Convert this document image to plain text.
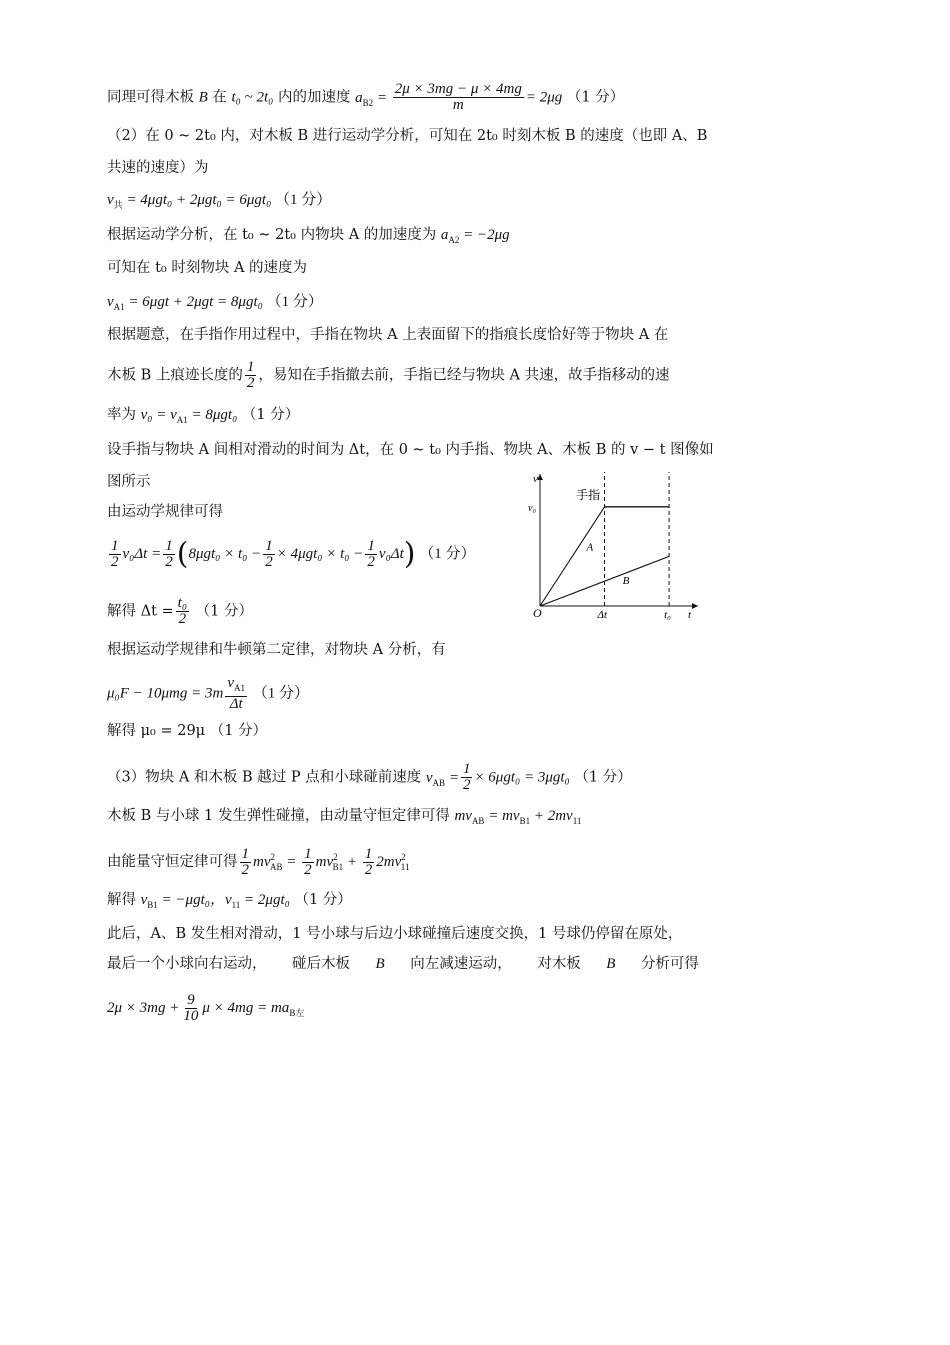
同理可得木板 B 在 t₀ ~ 2t₀ 内的加速度 $a_{B2} = \frac{2\mu \times 3mg - \mu \times 4mg}{m} = 2\mu g$ （1 分）
（2）在 0 ~ 2t₀ 内，对木板 B 进行运动学分析，可知在 2t₀ 时刻木板 B 的速度（也即 A、B
共速的速度）为
$v_共 = 4\mu gt_0 + 2\mu gt_0 = 6\mu gt_0$ （1 分）
根据运动学分析，在 t₀ ~ 2t₀ 内物块 A 的加速度为 $a_{A2} = -2\mu g$
可知在 t₀ 时刻物块 A 的速度为
$v_{A1} = 6\mu gt + 2\mu gt = 8\mu gt_0$ （1 分）
根据题意，在手指作用过程中，手指在物块 A 上表面留下的指痕长度恰好等于物块 A 在
木板 B 上痕迹长度的 $\frac{1}{2}$ ，易知在手指撤去前，手指已经与物块 A 共速，故手指移动的速
率为 $v_0 = v_{A1} = 8\mu gt_0$ （1 分）
设手指与物块 A 间相对滑动的时间为 Δt，在 0 ~ t₀ 内手指、物块 A、木板 B 的 v − t 图像如
图所示
由运动学规律可得
$\frac{1}{2} v_0\Delta t = \frac{1}{2} (8\mu gt_0 \times t_0 - \frac{1}{2} \times 4\mu gt_0 \times t_0 - \frac{1}{2} v_0\Delta t)$ （1 分）
解得 $\Delta t = \frac{\text{t₀}}{2} (1$ 分）
根据运动学规律和牛顿第二定律，对物块 A 分析，有
$\mu_0F - 10\mu mg = 3m \frac{v_{A1}}{\Delta t} (1$ 分）
解得 μ₀ = 29μ （1 分）
（3）物块 A 和木板 B 越过 P 点和小球碰前速度 $v_{AB} = \frac{1}{2} \times 6\mu gt_0 = 3\mu gt_0$ （1 分）
木板 B 与小球 1 发生弹性碰撞，由动量守恒定律可得 $mv_{AB} = mv_{B1} + 2mv_{11}$
由能量守恒定律可得 $\frac{1}{2} mv^2_{AB} = \frac{1}{2} mv^2_{B1} + \frac{1}{2} 2mv^2_{11}$
解得 $v_{B1} = -\mu gt_0$，$v_{11} = 2\mu gt_0$ （1 分）
此后，A、B 发生相对滑动，1 号小球与后边小球碰撞后速度交换，1 号球仍停留在原处，
最后一个小球向右运动， 碰后木板 B 向左减速运动， 对木板 B 分析可得
$2\mu \times 3mg + \frac{9}{10}$ $\mu \times 4mg = ma_{B左}$
v
t
O	Δt	t₀
v₀
手指
A
B
